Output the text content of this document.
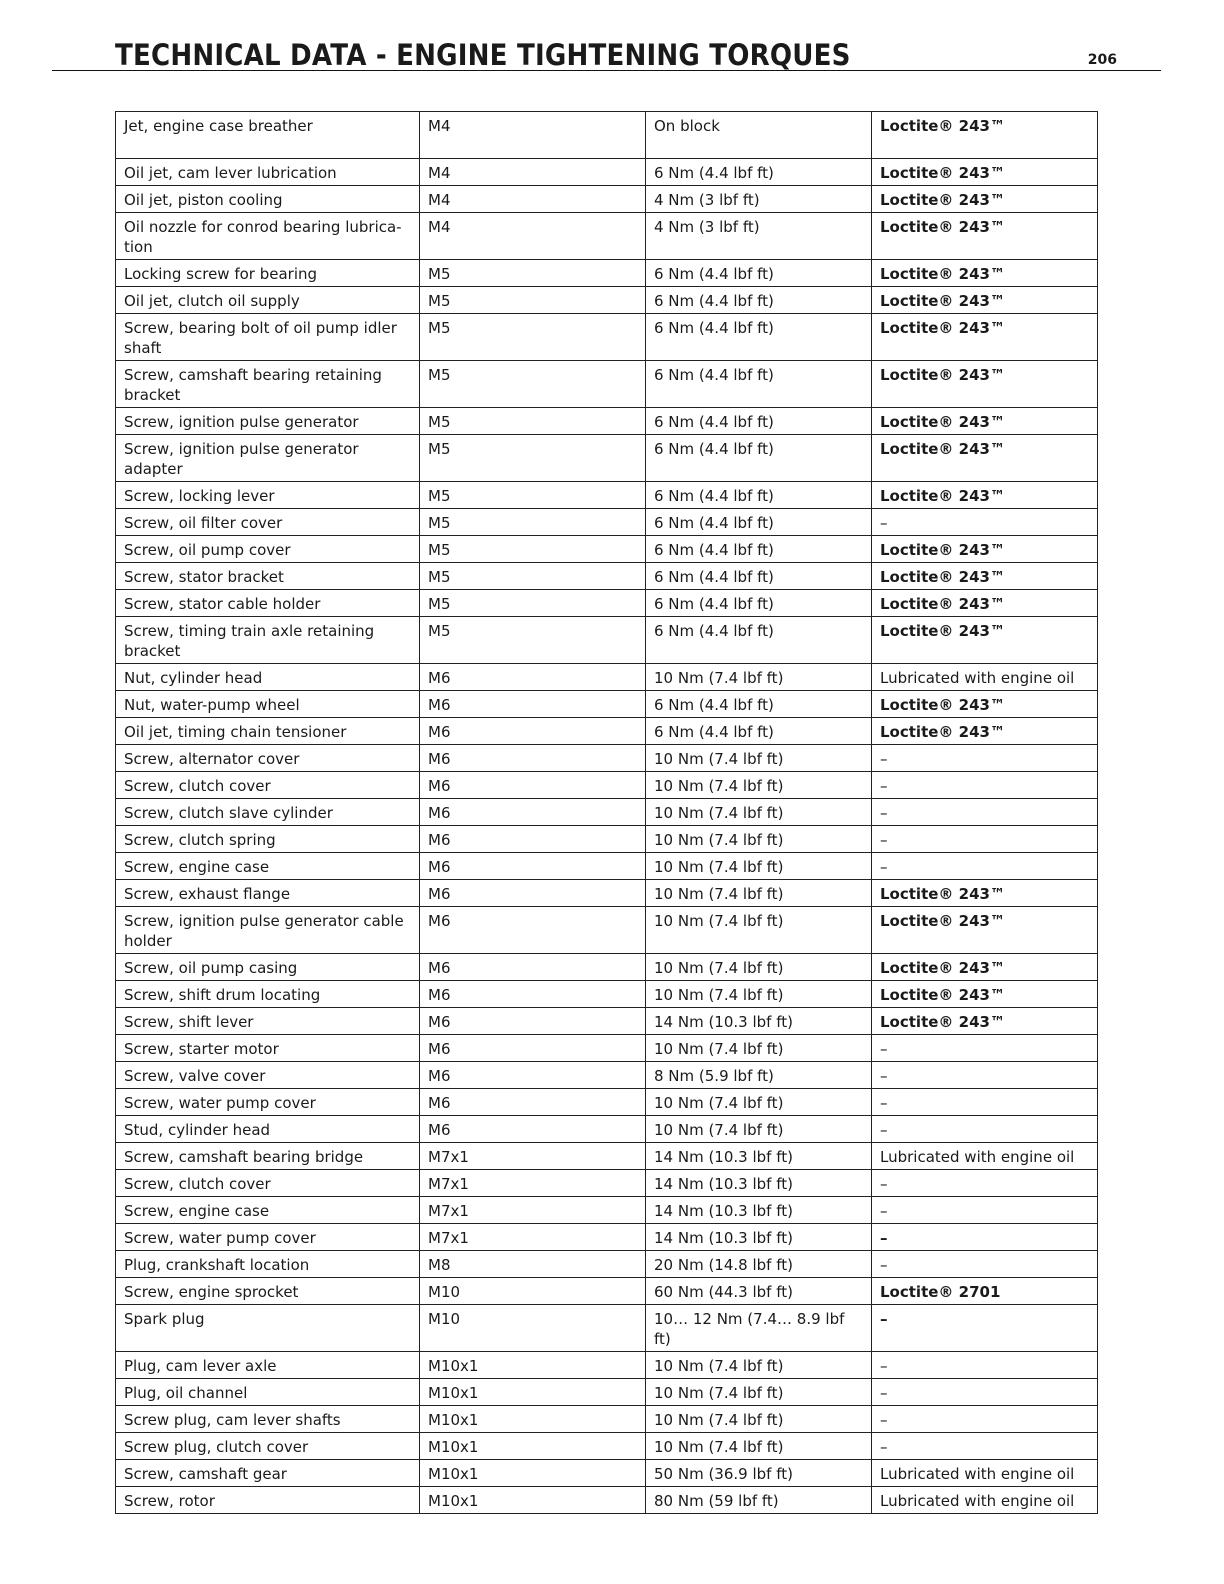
TECHNICAL DATA - ENGINE TIGHTENING TORQUES	206
Jet, engine case breather	M4	On block	Loctite® 243™
Oil jet, cam lever lubrication	M4	6 Nm (4.4 lbf ft)	Loctite® 243™
Oil jet, piston cooling	M4	4 Nm (3 lbf ft)	Loctite® 243™
Oil nozzle for conrod bearing lubrica-tion	M4	4 Nm (3 lbf ft)	Loctite® 243™
Locking screw for bearing	M5	6 Nm (4.4 lbf ft)	Loctite® 243™
Oil jet, clutch oil supply	M5	6 Nm (4.4 lbf ft)	Loctite® 243™
Screw, bearing bolt of oil pump idler shaft	M5	6 Nm (4.4 lbf ft)	Loctite® 243™
Screw, camshaft bearing retaining bracket	M5	6 Nm (4.4 lbf ft)	Loctite® 243™
Screw, ignition pulse generator	M5	6 Nm (4.4 lbf ft)	Loctite® 243™
Screw, ignition pulse generator adapter	M5	6 Nm (4.4 lbf ft)	Loctite® 243™
Screw, locking lever	M5	6 Nm (4.4 lbf ft)	Loctite® 243™
Screw, oil filter cover	M5	6 Nm (4.4 lbf ft)	–
Screw, oil pump cover	M5	6 Nm (4.4 lbf ft)	Loctite® 243™
Screw, stator bracket	M5	6 Nm (4.4 lbf ft)	Loctite® 243™
Screw, stator cable holder	M5	6 Nm (4.4 lbf ft)	Loctite® 243™
Screw, timing train axle retaining bracket	M5	6 Nm (4.4 lbf ft)	Loctite® 243™
Nut, cylinder head	M6	10 Nm (7.4 lbf ft)	Lubricated with engine oil
Nut, water-pump wheel	M6	6 Nm (4.4 lbf ft)	Loctite® 243™
Oil jet, timing chain tensioner	M6	6 Nm (4.4 lbf ft)	Loctite® 243™
Screw, alternator cover	M6	10 Nm (7.4 lbf ft)	–
Screw, clutch cover	M6	10 Nm (7.4 lbf ft)	–
Screw, clutch slave cylinder	M6	10 Nm (7.4 lbf ft)	–
Screw, clutch spring	M6	10 Nm (7.4 lbf ft)	–
Screw, engine case	M6	10 Nm (7.4 lbf ft)	–
Screw, exhaust flange	M6	10 Nm (7.4 lbf ft)	Loctite® 243™
Screw, ignition pulse generator cable holder	M6	10 Nm (7.4 lbf ft)	Loctite® 243™
Screw, oil pump casing	M6	10 Nm (7.4 lbf ft)	Loctite® 243™
Screw, shift drum locating	M6	10 Nm (7.4 lbf ft)	Loctite® 243™
Screw, shift lever	M6	14 Nm (10.3 lbf ft)	Loctite® 243™
Screw, starter motor	M6	10 Nm (7.4 lbf ft)	–
Screw, valve cover	M6	8 Nm (5.9 lbf ft)	–
Screw, water pump cover	M6	10 Nm (7.4 lbf ft)	–
Stud, cylinder head	M6	10 Nm (7.4 lbf ft)	–
Screw, camshaft bearing bridge	M7x1	14 Nm (10.3 lbf ft)	Lubricated with engine oil
Screw, clutch cover	M7x1	14 Nm (10.3 lbf ft)	–
Screw, engine case	M7x1	14 Nm (10.3 lbf ft)	–
Screw, water pump cover	M7x1	14 Nm (10.3 lbf ft)	–
Plug, crankshaft location	M8	20 Nm (14.8 lbf ft)	–
Screw, engine sprocket	M10	60 Nm (44.3 lbf ft)	Loctite® 2701
Spark plug	M10	10… 12 Nm (7.4… 8.9 lbf ft)	–
Plug, cam lever axle	M10x1	10 Nm (7.4 lbf ft)	–
Plug, oil channel	M10x1	10 Nm (7.4 lbf ft)	–
Screw plug, cam lever shafts	M10x1	10 Nm (7.4 lbf ft)	–
Screw plug, clutch cover	M10x1	10 Nm (7.4 lbf ft)	–
Screw, camshaft gear	M10x1	50 Nm (36.9 lbf ft)	Lubricated with engine oil
Screw, rotor	M10x1	80 Nm (59 lbf ft)	Lubricated with engine oil
